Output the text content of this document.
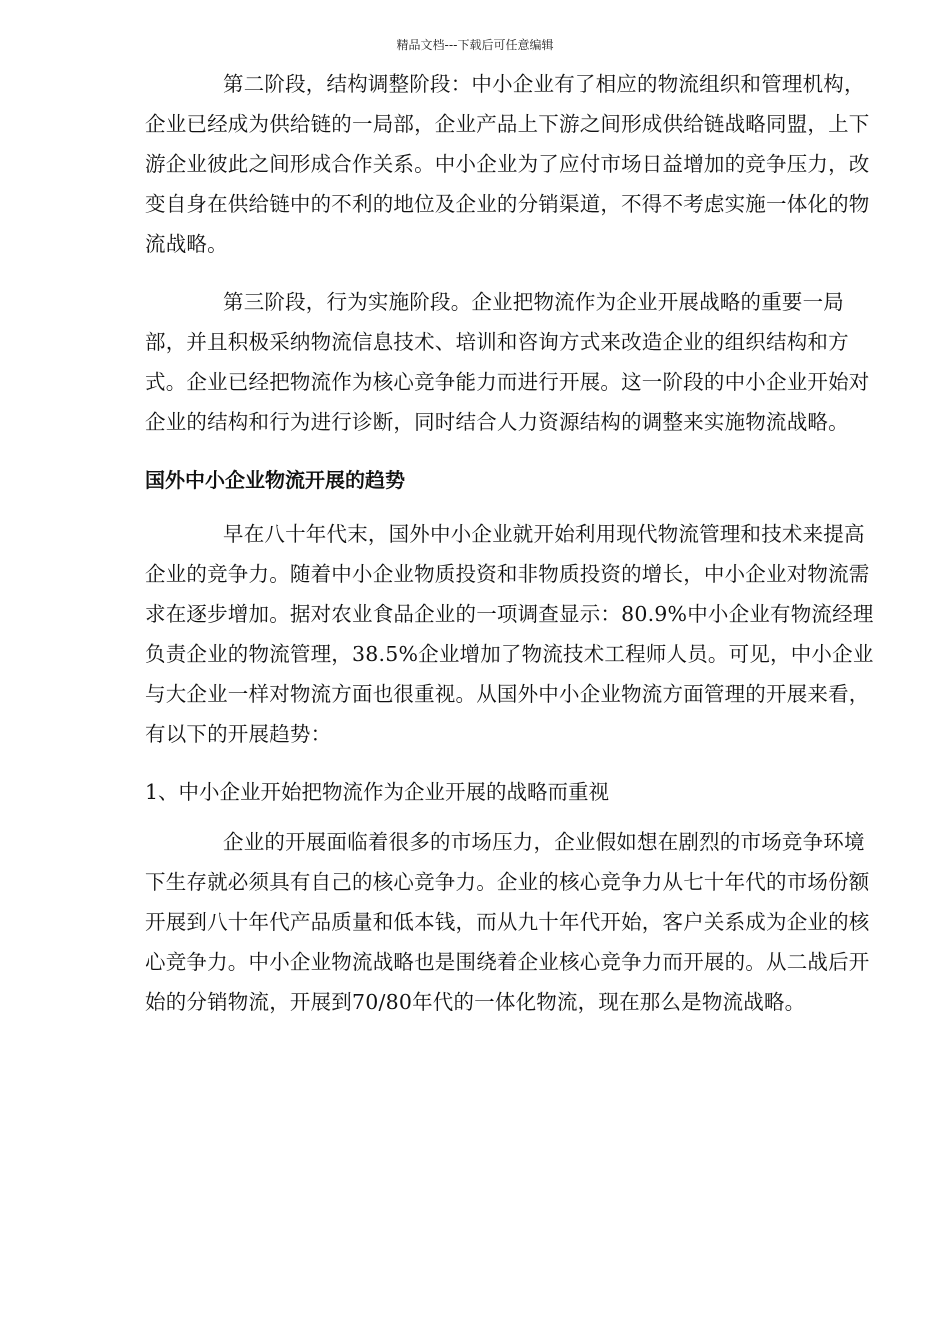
精品文档---下载后可任意编辑

第二阶段，结构调整阶段：中小企业有了相应的物流组织和管理机构，企业已经成为供给链的一局部，企业产品上下游之间形成供给链战略同盟，上下游企业彼此之间形成合作关系。中小企业为了应付市场日益增加的竞争压力，改变自身在供给链中的不利的地位及企业的分销渠道，不得不考虑实施一体化的物流战略。

第三阶段，行为实施阶段。企业把物流作为企业开展战略的重要一局部，并且积极采纳物流信息技术、培训和咨询方式来改造企业的组织结构和方式。企业已经把物流作为核心竞争能力而进行开展。这一阶段的中小企业开始对企业的结构和行为进行诊断，同时结合人力资源结构的调整来实施物流战略。

国外中小企业物流开展的趋势

早在八十年代末，国外中小企业就开始利用现代物流管理和技术来提高企业的竞争力。随着中小企业物质投资和非物质投资的增长，中小企业对物流需求在逐步增加。据对农业食品企业的一项调查显示：80.9%中小企业有物流经理负责企业的物流管理，38.5%企业增加了物流技术工程师人员。可见，中小企业与大企业一样对物流方面也很重视。从国外中小企业物流方面管理的开展来看，有以下的开展趋势：

1、中小企业开始把物流作为企业开展的战略而重视

企业的开展面临着很多的市场压力，企业假如想在剧烈的市场竞争环境下生存就必须具有自己的核心竞争力。企业的核心竞争力从七十年代的市场份额开展到八十年代产品质量和低本钱，而从九十年代开始，客户关系成为企业的核心竞争力。中小企业物流战略也是围绕着企业核心竞争力而开展的。从二战后开始的分销物流，开展到70/80年代的一体化物流，现在那么是物流战略。
